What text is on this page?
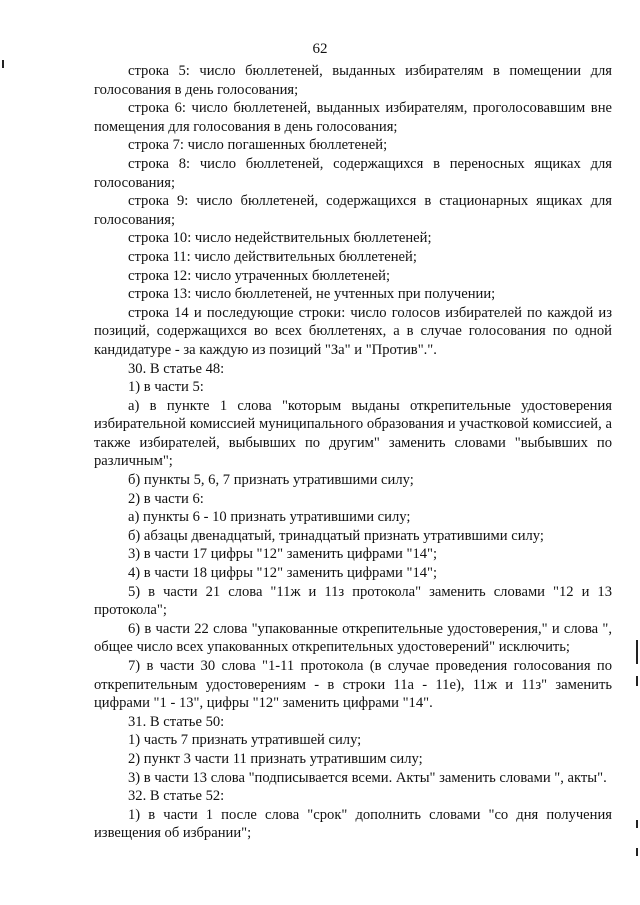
62

строка 5: число бюллетеней, выданных избирателям в помещении для голосования в день голосования;

строка 6: число бюллетеней, выданных избирателям, проголосовавшим вне помещения для голосования в день голосования;

строка 7: число погашенных бюллетеней;

строка 8: число бюллетеней, содержащихся в переносных ящиках для голосования;

строка 9: число бюллетеней, содержащихся в стационарных ящиках для голосования;

строка 10: число недействительных бюллетеней;

строка 11: число действительных бюллетеней;

строка 12: число утраченных бюллетеней;

строка 13: число бюллетеней, не учтенных при получении;

строка 14 и последующие строки: число голосов избирателей по каждой из позиций, содержащихся во всех бюллетенях, а в случае голосования по одной кандидатуре - за каждую из позиций "За" и "Против".".

30. В статье 48:

1) в части 5:

а) в пункте 1 слова "которым выданы открепительные удостоверения избирательной комиссией муниципального образования и участковой комиссией, а также избирателей, выбывших по другим" заменить словами "выбывших по различным";

б) пункты 5, 6, 7 признать утратившими силу;

2) в части 6:

а) пункты 6 - 10 признать утратившими силу;

б) абзацы двенадцатый, тринадцатый признать утратившими силу;

3) в части 17 цифры "12" заменить цифрами "14";

4) в части 18 цифры "12" заменить цифрами "14";

5) в части 21 слова "11ж и 11з протокола" заменить словами "12 и 13 протокола";

6) в части 22 слова "упакованные открепительные удостоверения," и слова ", общее число всех упакованных открепительных удостоверений" исключить;

7) в части 30 слова "1-11 протокола (в случае проведения голосования по открепительным удостоверениям - в строки 11а - 11е), 11ж и 11з" заменить цифрами "1 - 13", цифры "12" заменить цифрами "14".

31. В статье 50:

1) часть 7 признать утратившей силу;

2) пункт 3 части 11 признать утратившим силу;

3) в части 13 слова "подписывается всеми. Акты" заменить словами ", акты".

32. В статье 52:

1) в части 1 после слова "срок" дополнить словами "со дня получения извещения об избрании";
